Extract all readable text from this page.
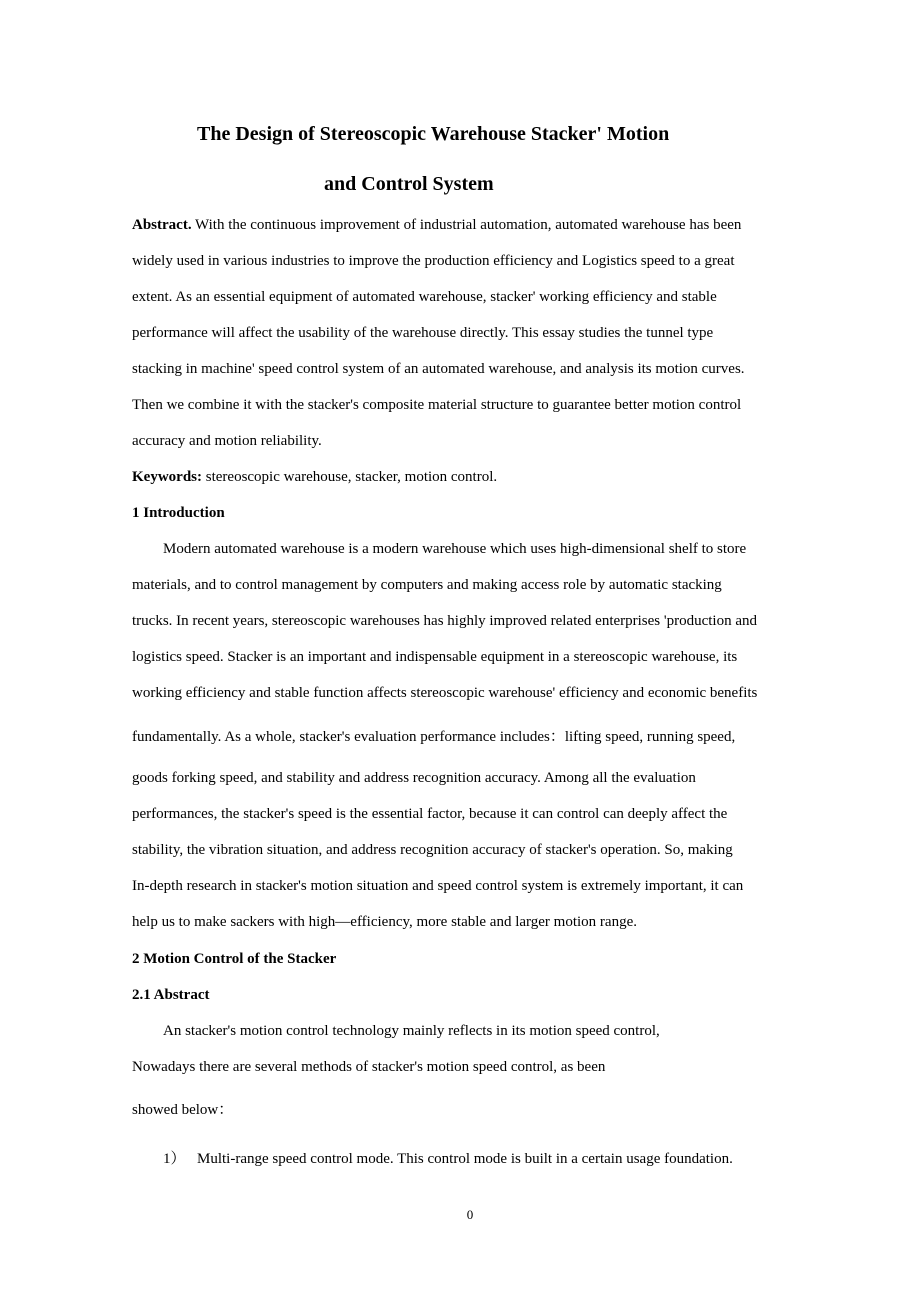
The Design of Stereoscopic Warehouse Stacker' Motion
and Control System
Abstract. With the continuous improvement of industrial automation, automated warehouse has been
widely used in various industries to improve the production efficiency and Logistics speed to a great
extent. As an essential equipment of automated warehouse, stacker' working efficiency and stable
performance will affect the usability of the warehouse directly. This essay studies the tunnel type
stacking in machine' speed control system of an automated warehouse, and analysis its motion curves.
Then we combine it with the stacker's composite material structure to guarantee better motion control
accuracy and motion reliability.
Keywords: stereoscopic warehouse, stacker, motion control.
1 Introduction
Modern automated warehouse is a modern warehouse which uses high-dimensional shelf to store
materials, and to control management by computers and making access role by automatic stacking
trucks. In recent years, stereoscopic warehouses has highly improved related enterprises 'production and
logistics speed. Stacker is an important and indispensable equipment in a stereoscopic warehouse, its
working efficiency and stable function affects stereoscopic warehouse' efficiency and economic benefits
fundamentally. As a whole, stacker's evaluation performance includes：lifting speed, running speed,
goods forking speed, and stability and address recognition accuracy. Among all the evaluation
performances, the stacker's speed is the essential factor, because it can control can deeply affect the
stability, the vibration situation, and address recognition accuracy of stacker's operation. So, making
In-depth research in stacker's motion situation and speed control system is extremely important, it can
help us to make sackers with high—efficiency, more stable and larger motion range.
2 Motion Control of the Stacker
2.1 Abstract
An stacker's motion control technology mainly reflects in its motion speed control,
Nowadays there are several methods of stacker's motion speed control, as been
showed below：
1） Multi-range speed control mode. This control mode is built in a certain usage foundation.
0
